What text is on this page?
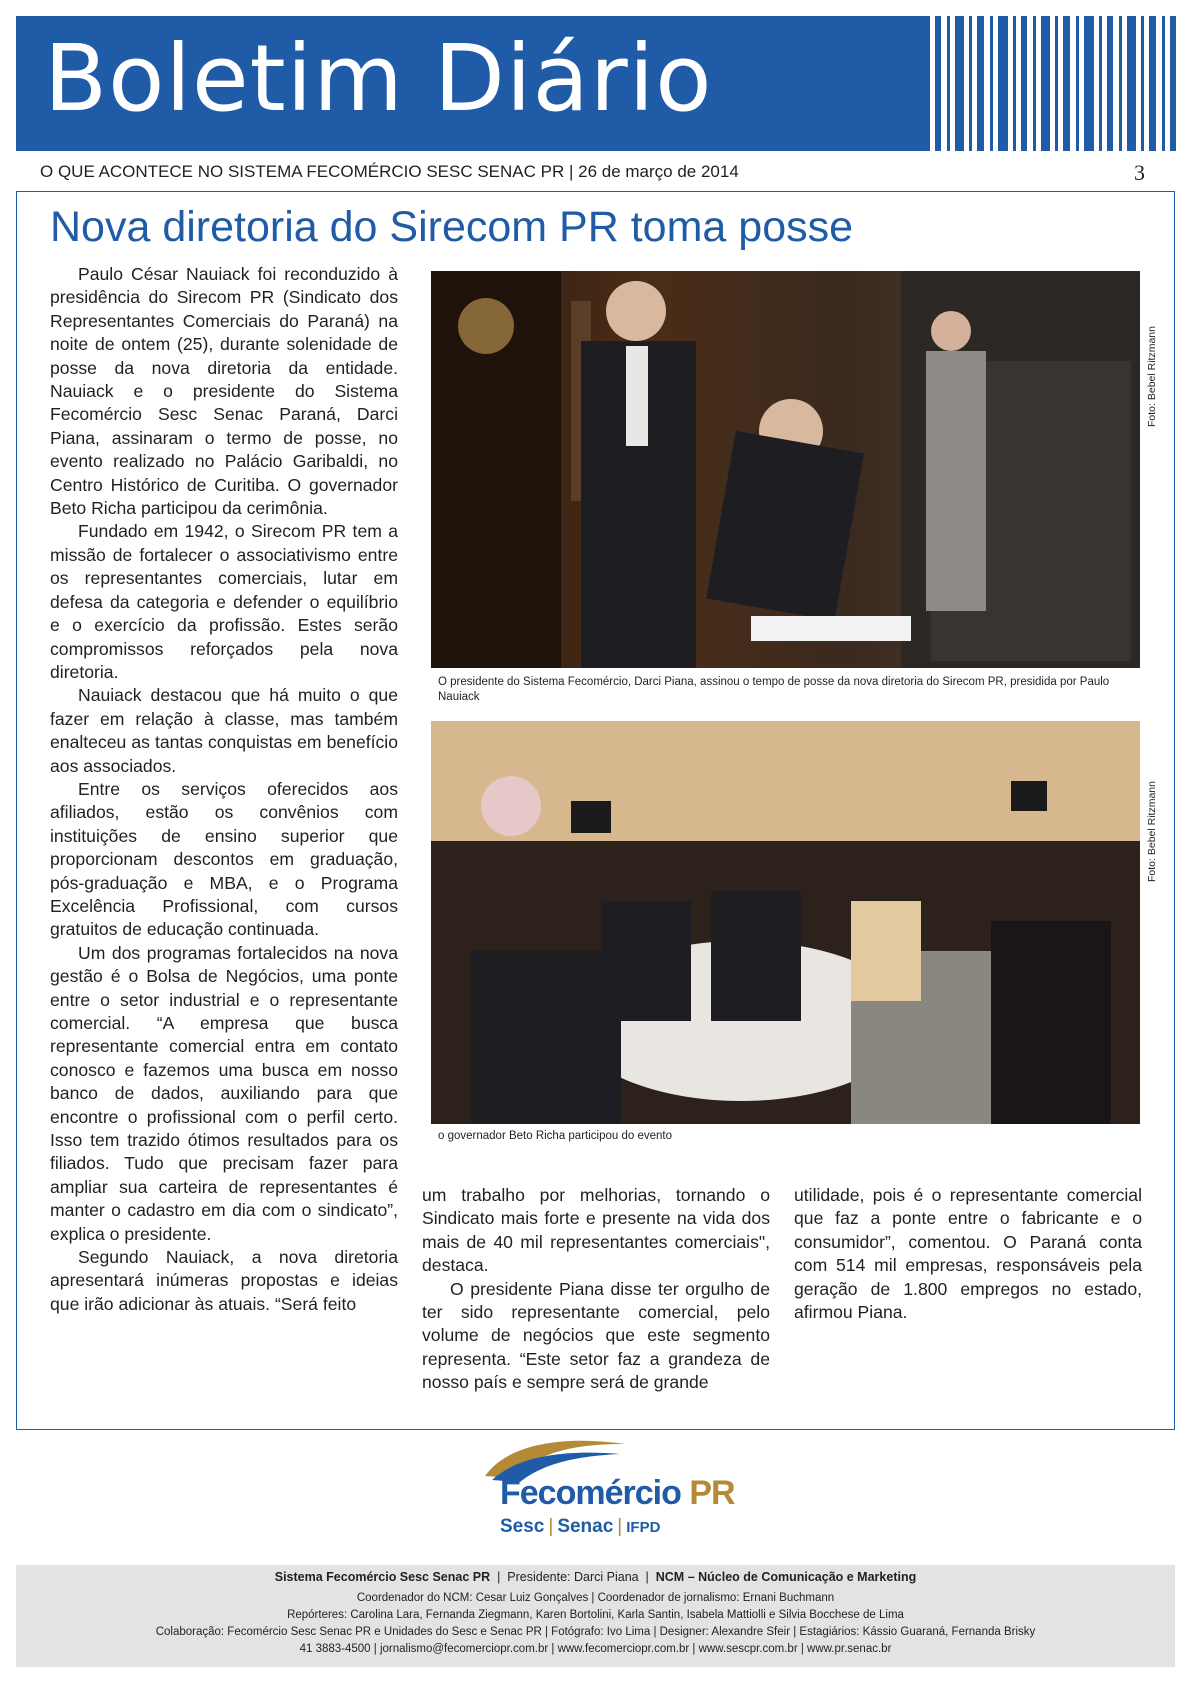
Boletim Diário
O QUE ACONTECE NO SISTEMA FECOMÉRCIO SESC SENAC PR | 26 de março de 2014	3
Nova diretoria do Sirecom PR toma posse

Paulo César Nauiack foi reconduzido à presidência do Sirecom PR (Sindicato dos Representantes Comerciais do Paraná) na noite de ontem (25), durante solenidade de posse da nova diretoria da entidade. Nauiack e o presidente do Sistema Fecomércio Sesc Senac Paraná, Darci Piana, assinaram o termo de posse, no evento realizado no Palácio Garibaldi, no Centro Histórico de Curitiba. O governador Beto Richa participou da cerimônia.

Fundado em 1942, o Sirecom PR tem a missão de fortalecer o associativismo entre os representantes comerciais, lutar em defesa da categoria e defender o equilíbrio e o exercício da profissão. Estes serão compromissos reforçados pela nova diretoria.

Nauiack destacou que há muito o que fazer em relação à classe, mas também enalteceu as tantas conquistas em benefício aos associados.

Entre os serviços oferecidos aos afiliados, estão os convênios com instituições de ensino superior que proporcionam descontos em graduação, pós-graduação e MBA, e o Programa Excelência Profissional, com cursos gratuitos de educação continuada.

Um dos programas fortalecidos na nova gestão é o Bolsa de Negócios, uma ponte entre o setor industrial e o representante comercial. “A empresa que busca representante comercial entra em contato conosco e fazemos uma busca em nosso banco de dados, auxiliando para que encontre o profissional com o perfil certo. Isso tem trazido ótimos resultados para os filiados. Tudo que precisam fazer para ampliar sua carteira de representantes é manter o cadastro em dia com o sindicato”, explica o presidente.

Segundo Nauiack, a nova diretoria apresentará inúmeras propostas e ideias que irão adicionar às atuais. “Será feito

Foto: Bebel Ritzmann
O presidente do Sistema Fecomércio, Darci Piana, assinou o tempo de posse da nova diretoria do Sirecom PR, presidida por Paulo Nauiack
Foto: Bebel Ritzmann
o governador Beto Richa participou do evento

um trabalho por melhorias, tornando o Sindicato mais forte e presente na vida dos mais de 40 mil representantes comerciais", destaca.

O presidente Piana disse ter orgulho de ter sido representante comercial, pelo volume de negócios que este segmento representa. “Este setor faz a grandeza de nosso país e sempre será de grande

utilidade, pois é o representante comercial que faz a ponte entre o fabricante e o consumidor”, comentou. O Paraná conta com 514 mil empresas, responsáveis pela geração de 1.800 empregos no estado, afirmou Piana.

Fecomércio PR
Sesc | Senac | IFPD
Sistema Fecomércio Sesc Senac PR  |  Presidente: Darci Piana  |  NCM – Núcleo de Comunicação e Marketing
Coordenador do NCM: Cesar Luiz Gonçalves | Coordenador de jornalismo: Ernani Buchmann
Repórteres: Carolina Lara, Fernanda Ziegmann, Karen Bortolini, Karla Santin, Isabela Mattiolli e Silvia Bocchese de Lima
Colaboração: Fecomércio Sesc Senac PR e Unidades do Sesc e Senac PR | Fotógrafo: Ivo Lima | Designer: Alexandre Sfeir | Estagiários: Kássio Guaraná, Fernanda Brisky
41 3883-4500 | jornalismo@fecomerciopr.com.br | www.fecomerciopr.com.br | www.sescpr.com.br | www.pr.senac.br
